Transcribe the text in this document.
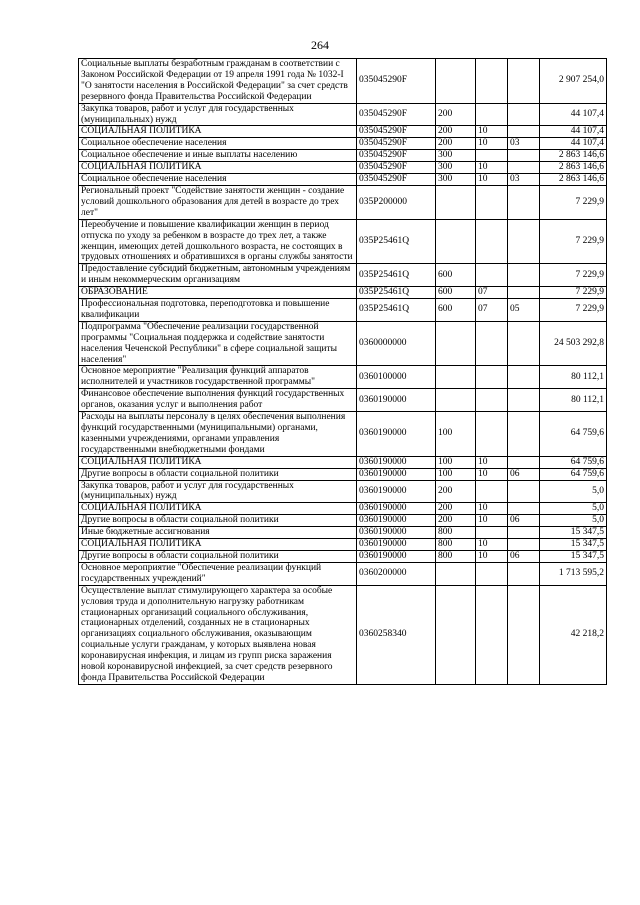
264
Социальные выплаты безработным гражданам в соответствии с Законом Российской Федерации от 19 апреля 1991 года № 1032-I "О занятости населения в Российской Федерации" за счет средств резервного фонда Правительства Российской Федерации	035045290F				2 907 254,0
Закупка товаров, работ и услуг для государственных (муниципальных) нужд	035045290F	200			44 107,4
СОЦИАЛЬНАЯ ПОЛИТИКА	035045290F	200	10		44 107,4
Социальное обеспечение населения	035045290F	200	10	03	44 107,4
Социальное обеспечение и иные выплаты населению	035045290F	300			2 863 146,6
СОЦИАЛЬНАЯ ПОЛИТИКА	035045290F	300	10		2 863 146,6
Социальное обеспечение населения	035045290F	300	10	03	2 863 146,6
Региональный проект "Содействие занятости женщин - создание условий дошкольного образования для детей в возрасте до трех лет"	035P200000				7 229,9
Переобучение и повышение квалификации женщин в период отпуска по уходу за ребенком в возрасте до трех лет, а также женщин, имеющих детей дошкольного возраста, не состоящих в трудовых отношениях и обратившихся в органы службы занятости	035P25461Q				7 229,9
Предоставление субсидий бюджетным, автономным учреждениям и иным некоммерческим организациям	035P25461Q	600			7 229,9
ОБРАЗОВАНИЕ	035P25461Q	600	07		7 229,9
Профессиональная подготовка, переподготовка и повышение квалификации	035P25461Q	600	07	05	7 229,9
Подпрограмма "Обеспечение реализации государственной программы "Социальная поддержка и содействие занятости населения Чеченской Республики" в сфере социальной защиты населения"	0360000000				24 503 292,8
Основное мероприятие "Реализация функций аппаратов исполнителей и участников государственной программы"	0360100000				80 112,1
Финансовое обеспечение выполнения функций государственных органов, оказания услуг и выполнения работ	0360190000				80 112,1
Расходы на выплаты персоналу в целях обеспечения выполнения функций государственными (муниципальными) органами, казенными учреждениями, органами управления государственными внебюджетными фондами	0360190000	100			64 759,6
СОЦИАЛЬНАЯ ПОЛИТИКА	0360190000	100	10		64 759,6
Другие вопросы в области социальной политики	0360190000	100	10	06	64 759,6
Закупка товаров, работ и услуг для государственных (муниципальных) нужд	0360190000	200			5,0
СОЦИАЛЬНАЯ ПОЛИТИКА	0360190000	200	10		5,0
Другие вопросы в области социальной политики	0360190000	200	10	06	5,0
Иные бюджетные ассигнования	0360190000	800			15 347,5
СОЦИАЛЬНАЯ ПОЛИТИКА	0360190000	800	10		15 347,5
Другие вопросы в области социальной политики	0360190000	800	10	06	15 347,5
Основное мероприятие "Обеспечение реализации функций государственных учреждений"	0360200000				1 713 595,2
Осуществление выплат стимулирующего характера за особые условия труда и дополнительную нагрузку работникам стационарных организаций социального обслуживания, стационарных отделений, созданных не в стационарных организациях социального обслуживания, оказывающим социальные услуги гражданам, у которых выявлена новая коронавирусная инфекция, и лицам из групп риска заражения новой коронавирусной инфекцией, за счет средств резервного фонда Правительства Российской Федерации	0360258340				42 218,2
